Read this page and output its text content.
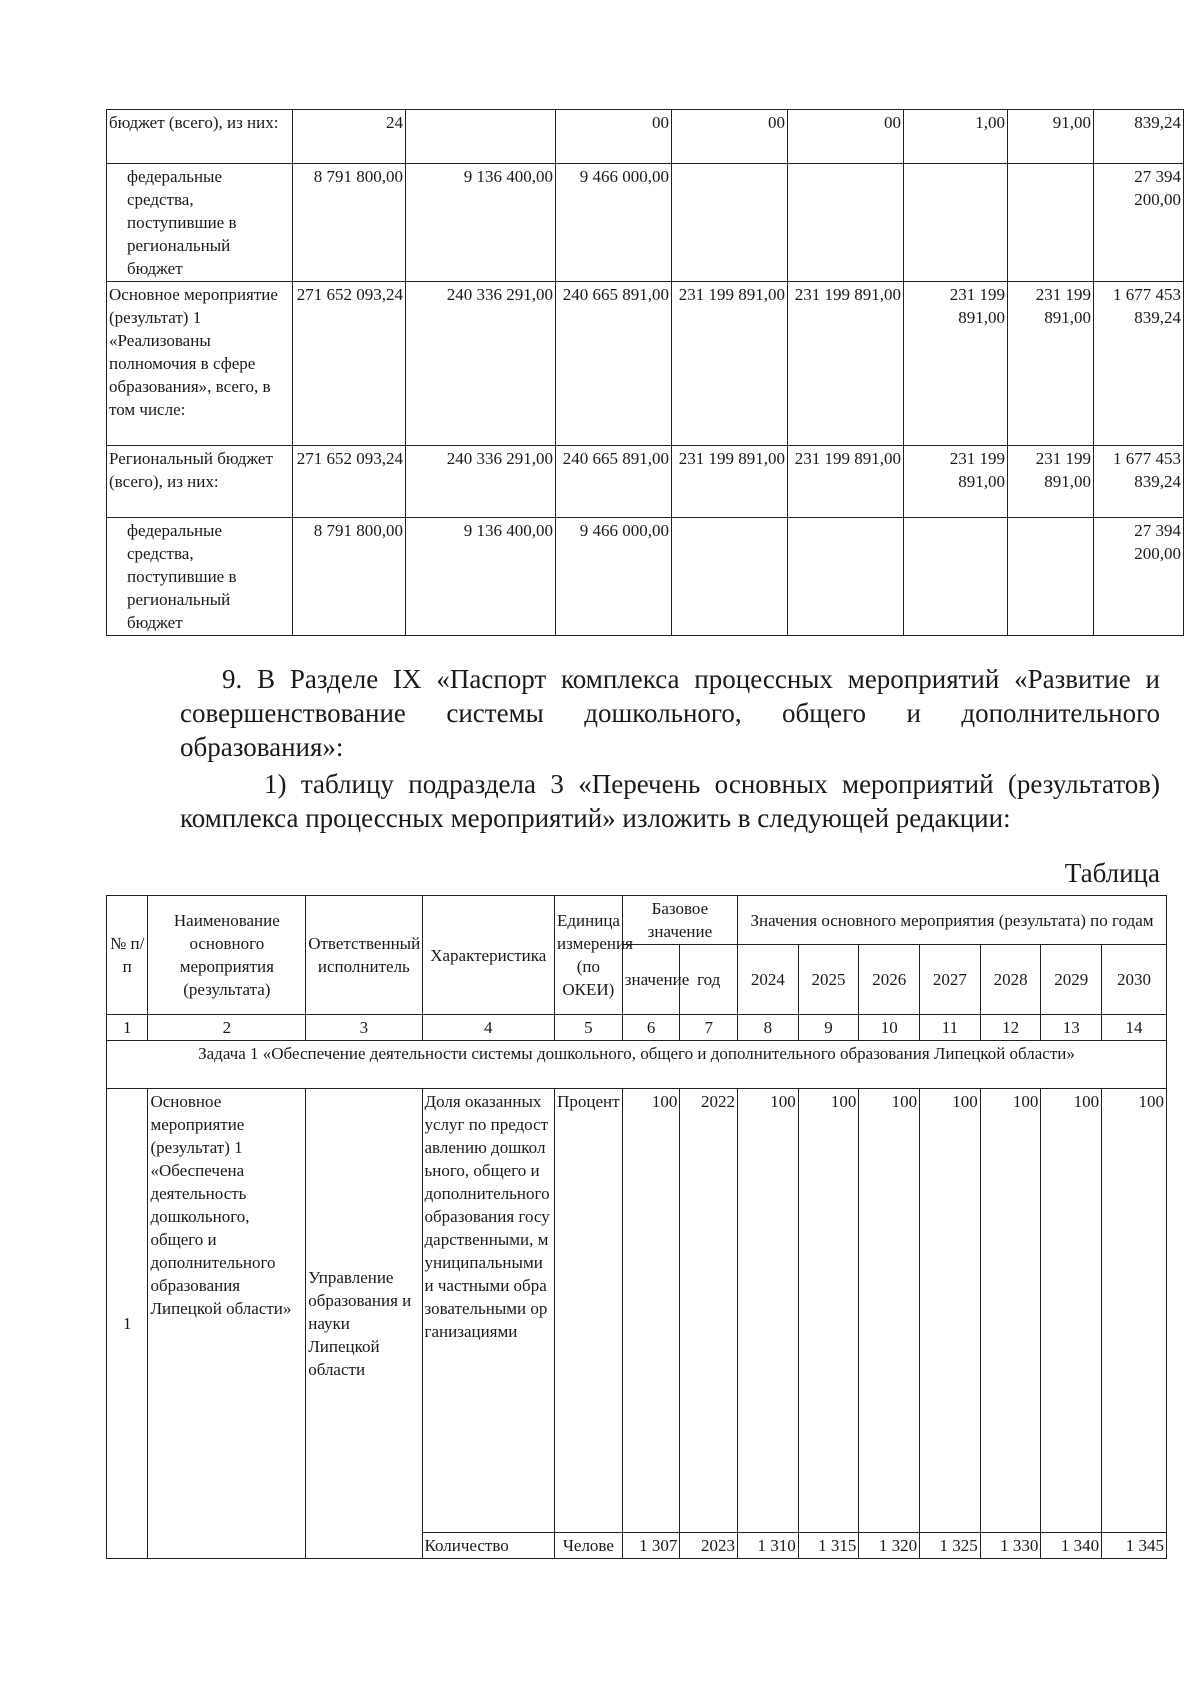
бюджет (всего), из них:	24		00	00	00	1,00	91,00	839,24
федеральные средства, поступившие в региональный бюджет	8 791 800,00	9 136 400,00	9 466 000,00					27 394 200,00
Основное мероприятие (результат) 1 «Реализованы полномочия в сфере образования», всего, в том числе:	271 652 093,24	240 336 291,00	240 665 891,00	231 199 891,00	231 199 891,00	231 199 891,00	231 199 891,00	1 677 453 839,24
Региональный бюджет (всего), из них:	271 652 093,24	240 336 291,00	240 665 891,00	231 199 891,00	231 199 891,00	231 199 891,00	231 199 891,00	1 677 453 839,24
федеральные средства, поступившие в региональный бюджет	8 791 800,00	9 136 400,00	9 466 000,00					27 394 200,00
9. В Разделе IX «Паспорт комплекса процессных мероприятий «Развитие и совершенствование системы дошкольного, общего и дополнительного образования»:
1) таблицу подраздела 3 «Перечень основных мероприятий (результатов) комплекса процессных мероприятий» изложить в следующей редакции:
Таблица
№ п/п	Наименование основного мероприятия (результата)	Ответственный исполнитель	Характеристика	Единица измерения (по ОКЕИ)	Базовое значение		Значения основного мероприятия (результата) по годам						
					значение	год	2024	2025	2026	2027	2028	2029	2030
1	2	3	4	5	6	7	8	9	10	11	12	13	14
Задача 1 «Обеспечение деятельности системы дошкольного, общего и дополнительного образования Липецкой области»													
1	Основное мероприятие (результат) 1 «Обеспечена деятельность дошкольного, общего и дополнительного образования Липецкой области»	Управление образования и науки Липецкой области	Доля оказанных услуг по предоставлению дошкольного, общего и дополнительного образования государственными, муниципальными и частными образовательными организациями	Процент	100	2022	100	100	100	100	100	100	100
			Количество	Челове	1 307	2023	1 310	1 315	1 320	1 325	1 330	1 340	1 345
